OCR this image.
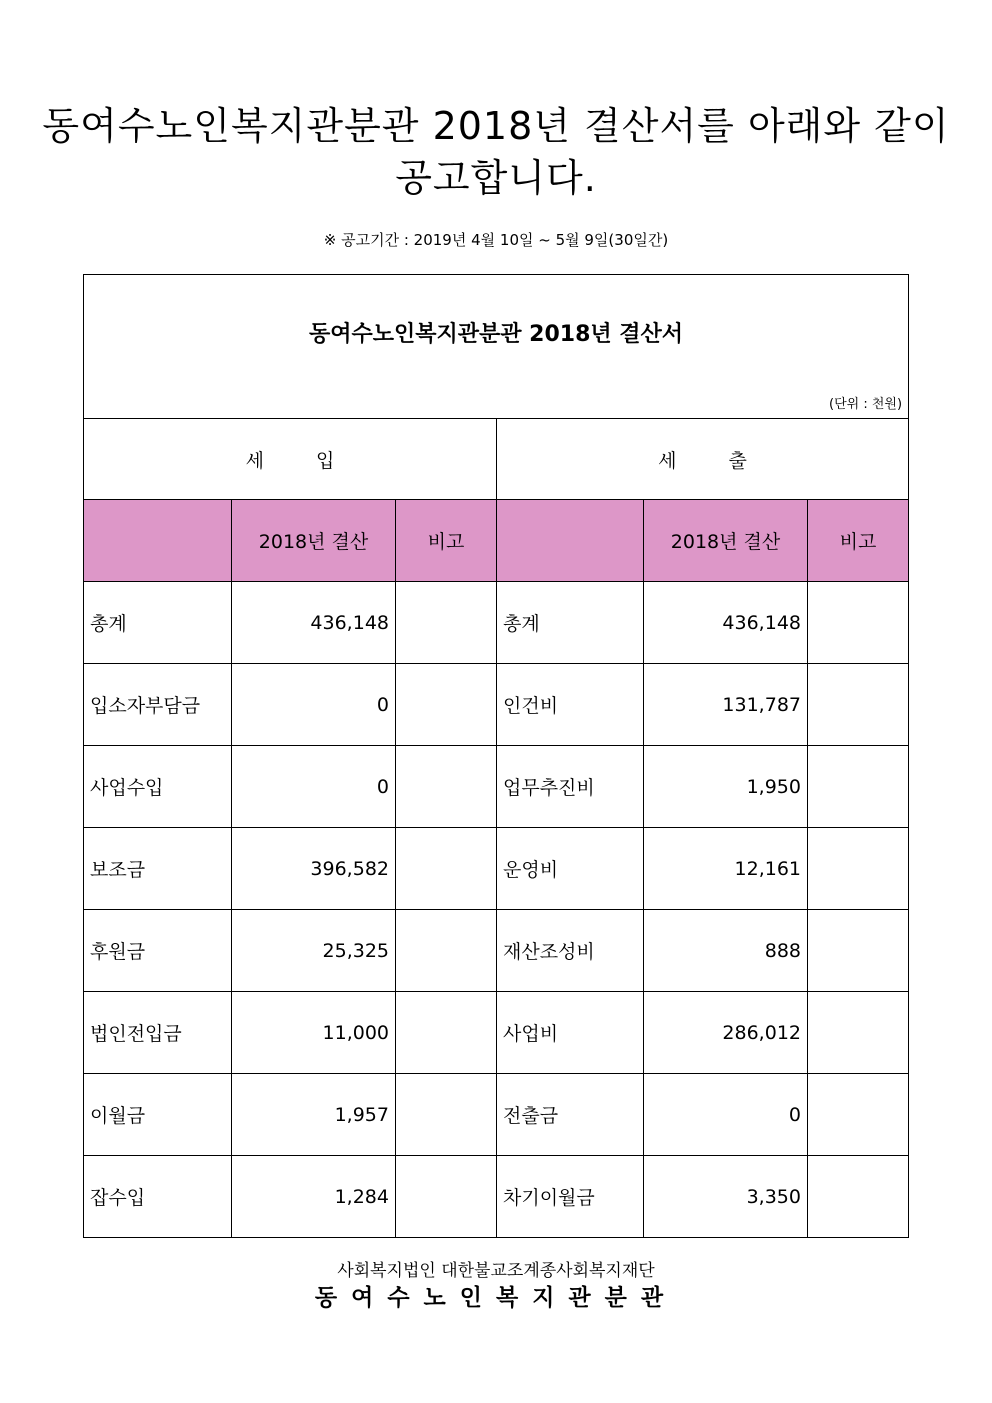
동여수노인복지관분관 2018년 결산서를 아래와 같이
공고합니다.
※ 공고기간 : 2019년 4월 10일 ~ 5월 9일(30일간)
동여수노인복지관분관 2018년 결산서
(단위 : 천원)					

세입			세출		
	2018년 결산	비고		2018년 결산	비고
총계	436,148		총계	436,148	
입소자부담금	0		인건비	131,787	
사업수입	0		업무추진비	1,950	
보조금	396,582		운영비	12,161	
후원금	25,325		재산조성비	888	
법인전입금	11,000		사업비	286,012	
이월금	1,957		전출금	0	
잡수입	1,284		차기이월금	3,350	
사회복지법인 대한불교조계종사회복지재단
동여수노인복지관분관
